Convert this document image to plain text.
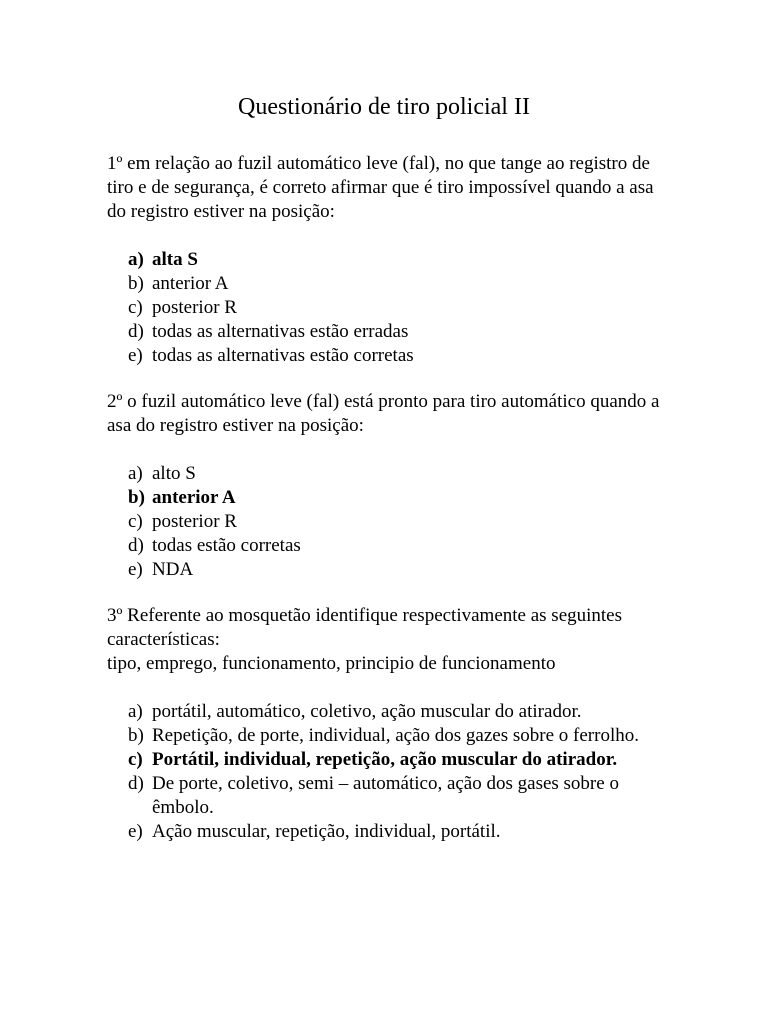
Questionário de tiro policial II

1º em relação ao fuzil automático leve (fal), no que tange ao registro de tiro e de segurança, é correto afirmar que é tiro impossível quando a asa do registro estiver na posição:

a) alta S
b) anterior A
c) posterior R
d) todas as alternativas estão erradas
e) todas as alternativas estão corretas

2º o fuzil automático leve (fal) está pronto para tiro automático quando a asa do registro estiver na posição:

a) alto S
b) anterior A
c) posterior R
d) todas estão corretas
e) NDA

3º Referente ao mosquetão identifique respectivamente as seguintes características:

tipo, emprego, funcionamento, principio de funcionamento

a) portátil, automático, coletivo, ação muscular do atirador.
b) Repetição, de porte, individual, ação dos gazes sobre o ferrolho.
c) Portátil, individual, repetição, ação muscular do atirador.
d) De porte, coletivo, semi – automático, ação dos gases sobre o êmbolo.
e) Ação muscular, repetição, individual, portátil.
